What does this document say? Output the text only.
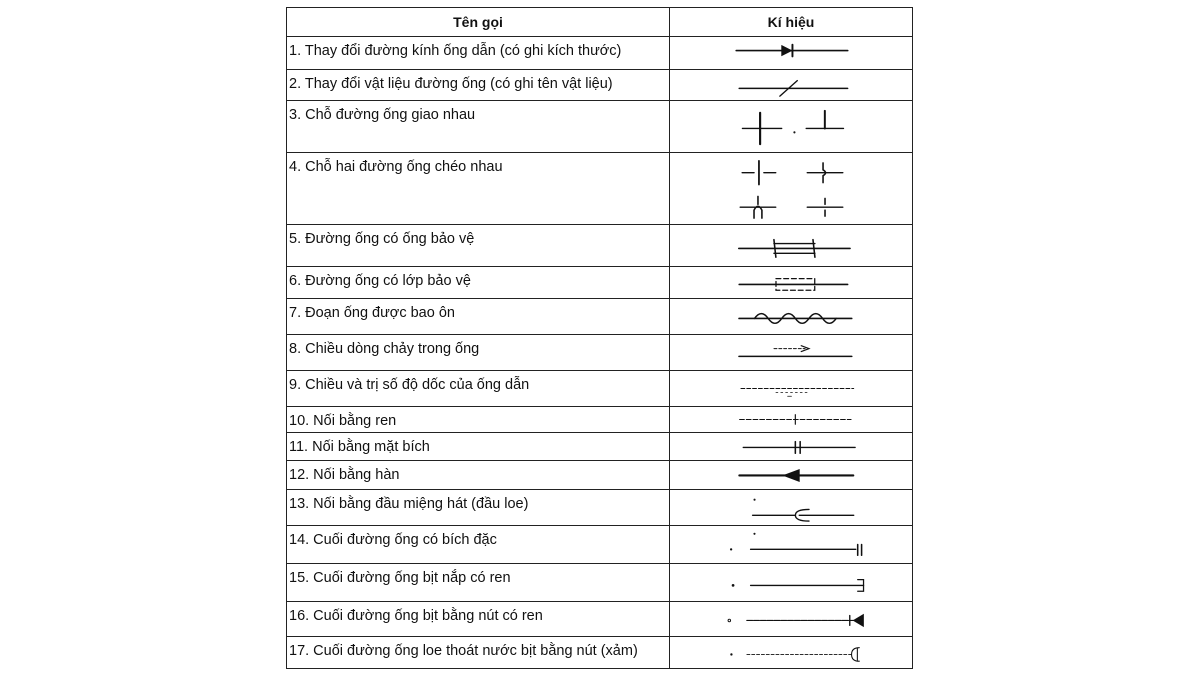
Tên gọi	Kí hiệu
1. Thay đổi đường kính ống dẫn (có ghi kích thước)	

2. Thay đổi vật liệu đường ống (có ghi tên vật liệu)	

3. Chỗ đường ống giao nhau	

4. Chỗ hai đường ống chéo nhau	

5. Đường ống có ống bảo vệ	

6. Đường ống có lớp bảo vệ	

7. Đoạn ống được bao ôn	

8. Chiều dòng chảy trong ống	

9. Chiều và trị số độ dốc của ống dẫn	

10. Nối bằng ren	

11. Nối bằng mặt bích	

12. Nối bằng hàn	

13. Nối bằng đầu miệng hát (đầu loe)	

14. Cuối đường ống có bích đặc	

15. Cuối đường ống bịt nắp có ren	

16. Cuối đường ống bịt bằng nút có ren	

17. Cuối đường ống loe thoát nước bịt bằng nút (xảm)	
